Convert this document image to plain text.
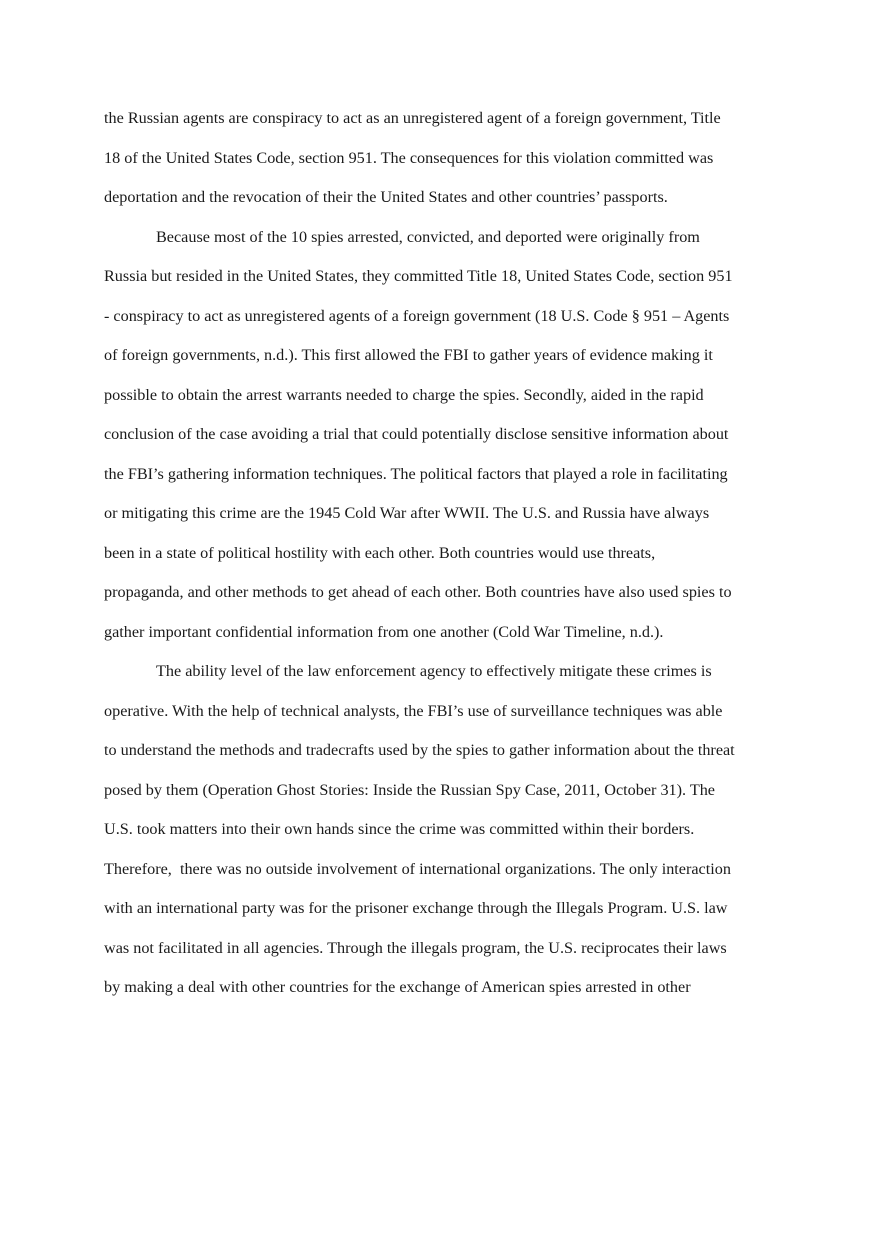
the Russian agents are conspiracy to act as an unregistered agent of a foreign government, Title
18 of the United States Code, section 951. The consequences for this violation committed was
deportation and the revocation of their the United States and other countries’ passports.
Because most of the 10 spies arrested, convicted, and deported were originally from
Russia but resided in the United States, they committed Title 18, United States Code, section 951
- conspiracy to act as unregistered agents of a foreign government (18 U.S. Code § 951 – Agents
of foreign governments, n.d.). This first allowed the FBI to gather years of evidence making it
possible to obtain the arrest warrants needed to charge the spies. Secondly, aided in the rapid
conclusion of the case avoiding a trial that could potentially disclose sensitive information about
the FBI’s gathering information techniques. The political factors that played a role in facilitating
or mitigating this crime are the 1945 Cold War after WWII. The U.S. and Russia have always
been in a state of political hostility with each other. Both countries would use threats,
propaganda, and other methods to get ahead of each other. Both countries have also used spies to
gather important confidential information from one another (Cold War Timeline, n.d.).
The ability level of the law enforcement agency to effectively mitigate these crimes is
operative. With the help of technical analysts, the FBI’s use of surveillance techniques was able
to understand the methods and tradecrafts used by the spies to gather information about the threat
posed by them (Operation Ghost Stories: Inside the Russian Spy Case, 2011, October 31). The
U.S. took matters into their own hands since the crime was committed within their borders.
Therefore,  there was no outside involvement of international organizations. The only interaction
with an international party was for the prisoner exchange through the Illegals Program. U.S. law
was not facilitated in all agencies. Through the illegals program, the U.S. reciprocates their laws
by making a deal with other countries for the exchange of American spies arrested in other
